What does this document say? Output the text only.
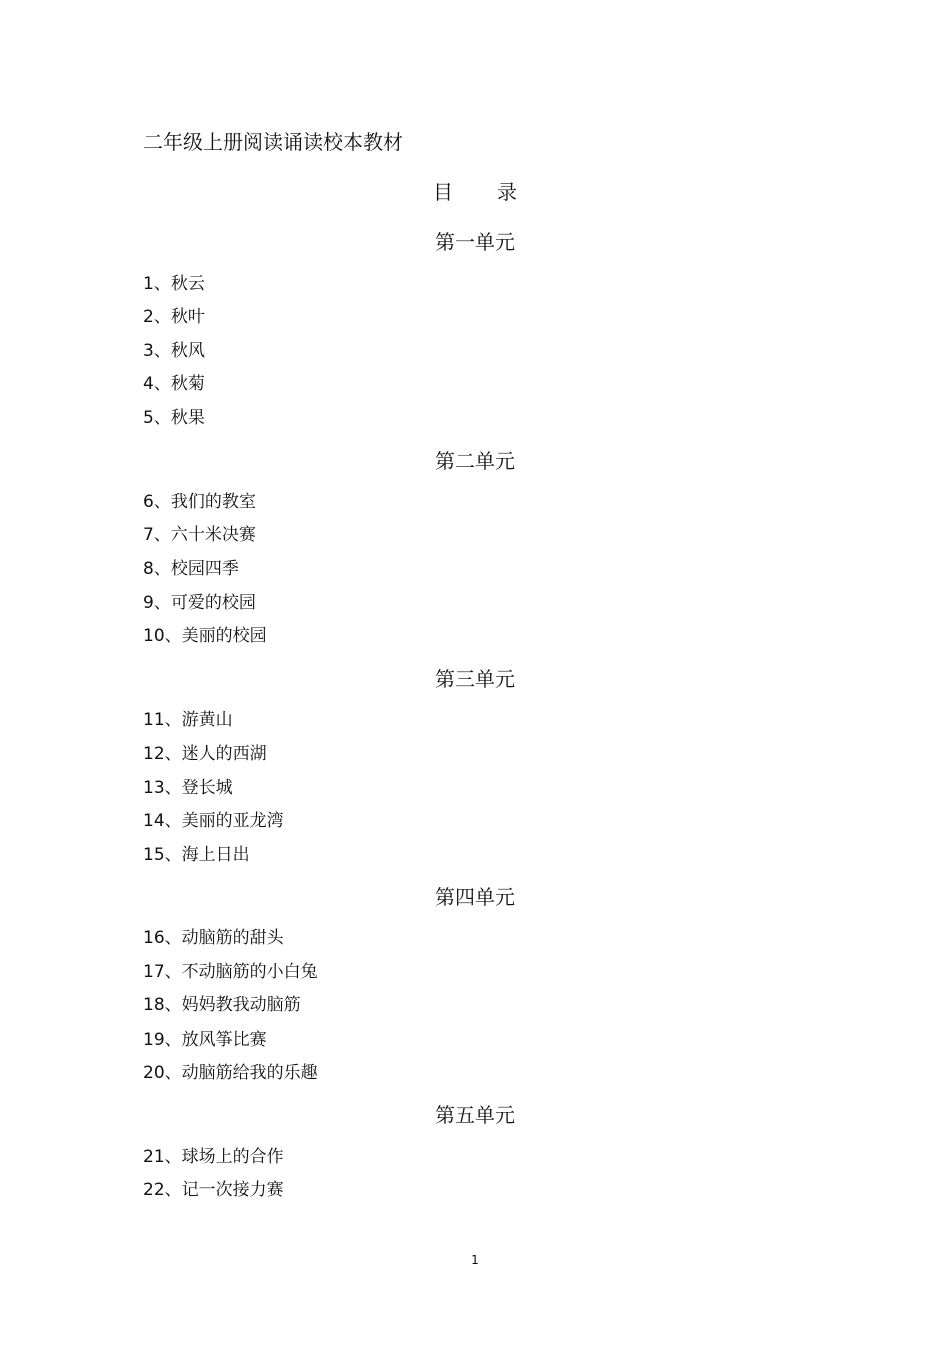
二年级上册阅读诵读校本教材
目 录
第一单元
1、秋云
2、秋叶
3、秋风
4、秋菊
5、秋果
第二单元
6、我们的教室
7、六十米决赛
8、校园四季
9、可爱的校园
10、美丽的校园
第三单元
11、游黄山
12、迷人的西湖
13、登长城
14、美丽的亚龙湾
15、海上日出
第四单元
16、动脑筋的甜头
17、不动脑筋的小白兔
18、妈妈教我动脑筋
19、放风筝比赛
20、动脑筋给我的乐趣
第五单元
21、球场上的合作
22、记一次接力赛
1
